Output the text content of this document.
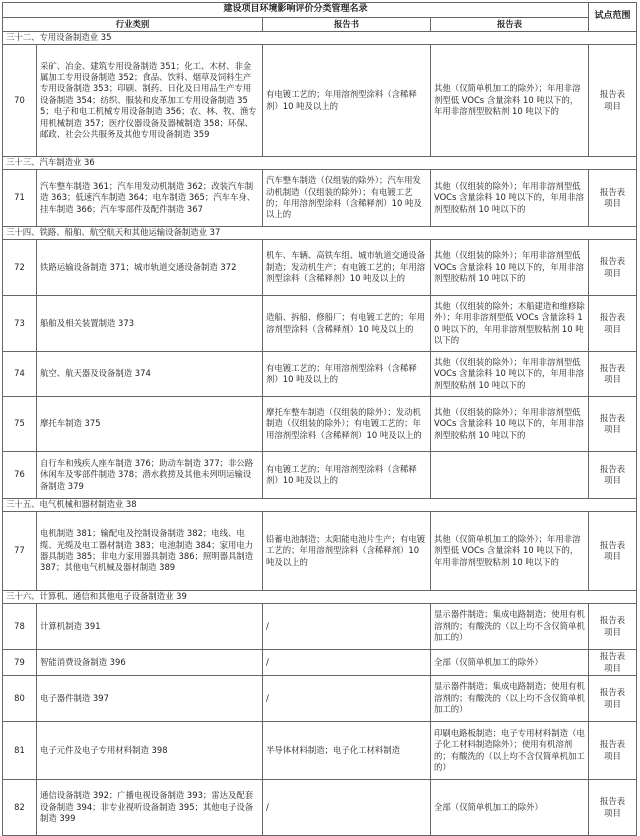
建设项目环境影响评价分类管理名录				试点范围
行业类别		报告书	报告表	
三十二、专用设备制造业 35				
70	采矿、冶金、建筑专用设备制造 351；化工、木材、非金属加工专用设备制造 352；食品、饮料、烟草及饲料生产专用设备制造 353；印刷、制药、日化及日用品生产专用设备制造 354；纺织、服装和皮革加工专用设备制造 355；电子和电工机械专用设备制造 356；农、林、牧、渔专用机械制造 357；医疗仪器设备及器械制造 358；环保、邮政、社会公共服务及其他专用设备制造 359	有电镀工艺的；年用溶剂型涂料（含稀释剂）10 吨及以上的	其他（仅简单机加工的除外）；年用非溶剂型低 VOCs 含量涂料 10 吨以下的，年用非溶剂型胶粘剂 10 吨以下的	报告表
项目
三十三、汽车制造业 36				
71	汽车整车制造 361；汽车用发动机制造 362；改装汽车制造 363；低速汽车制造 364；电车制造 365；汽车车身、挂车制造 366；汽车零部件及配件制造 367	汽车整车制造（仅组装的除外）；汽车用发动机制造（仅组装的除外）；有电镀工艺的；年用溶剂型涂料（含稀释剂）10 吨及以上的	其他（仅组装的除外）；年用非溶剂型低 VOCs 含量涂料 10 吨以下的，年用非溶剂型胶粘剂 10 吨以下的	报告表
项目
三十四、铁路、船舶、航空航天和其他运输设备制造业 37				
72	铁路运输设备制造 371；城市轨道交通设备制造 372	机车、车辆、高铁车组、城市轨道交通设备制造；发动机生产；有电镀工艺的；年用溶剂型涂料（含稀释剂）10 吨及以上的	其他（仅组装的除外）；年用非溶剂型低 VOCs 含量涂料 10 吨以下的，年用非溶剂型胶粘剂 10 吨以下的	报告表
项目
73	船舶及相关装置制造 373	造船、拆船、修船厂；有电镀工艺的；年用溶剂型涂料（含稀释剂）10 吨及以上的	其他（仅组装的除外；木船建造和维修除外）；年用非溶剂型低 VOCs 含量涂料 10 吨以下的，年用非溶剂型胶粘剂 10 吨以下的	报告表
项目
74	航空、航天器及设备制造 374	有电镀工艺的；年用溶剂型涂料（含稀释剂）10 吨及以上的	其他（仅组装的除外）；年用非溶剂型低 VOCs 含量涂料 10 吨以下的，年用非溶剂型胶粘剂 10 吨以下的	报告表
项目
75	摩托车制造 375	摩托车整车制造（仅组装的除外）；发动机制造（仅组装的除外）；有电镀工艺的；年用溶剂型涂料（含稀释剂）10 吨及以上的	其他（仅组装的除外）；年用非溶剂型低 VOCs 含量涂料 10 吨以下的，年用非溶剂型胶粘剂 10 吨以下的	报告表
项目
76	自行车和残疾人座车制造 376；助动车制造 377；非公路休闲车及零部件制造 378；潜水救捞及其他未列明运输设备制造 379	有电镀工艺的；年用溶剂型涂料（含稀释剂）10 吨及以上的		报告表
项目
三十五、电气机械和器材制造业 38				
77	电机制造 381；输配电及控制设备制造 382；电线、电缆、光缆及电工器材制造 383；电池制造 384；家用电力器具制造 385；非电力家用器具制造 386；照明器具制造 387；其他电气机械及器材制造 389	铅蓄电池制造；太阳能电池片生产；有电镀工艺的；年用溶剂型涂料（含稀释剂）10 吨及以上的	其他（仅简单机加工的除外）；年用非溶剂型低 VOCs 含量涂料 10 吨以下的，年用非溶剂型胶粘剂 10 吨以下的	报告表
项目
三十六、计算机、通信和其他电子设备制造业 39				
78	计算机制造 391	/	显示器件制造；集成电路制造；使用有机溶剂的；有酸洗的（以上均不含仅简单机加工的）	报告表
项目
79	智能消费设备制造 396	/	全部（仅简单机加工的除外）	报告表
项目
80	电子器件制造 397	/	显示器件制造；集成电路制造；使用有机溶剂的；有酸洗的（以上均不含仅简单机加工的）	报告表
项目
81	电子元件及电子专用材料制造 398	半导体材料制造；电子化工材料制造	印刷电路板制造；电子专用材料制造（电子化工材料制造除外）；使用有机溶剂的；有酸洗的（以上均不含仅简单机加工的）	报告表
项目
82	通信设备制造 392；广播电视设备制造 393；雷达及配套设备制造 394；非专业视听设备制造 395；其他电子设备制造 399	/	全部（仅简单机加工的除外）	报告表
项目
